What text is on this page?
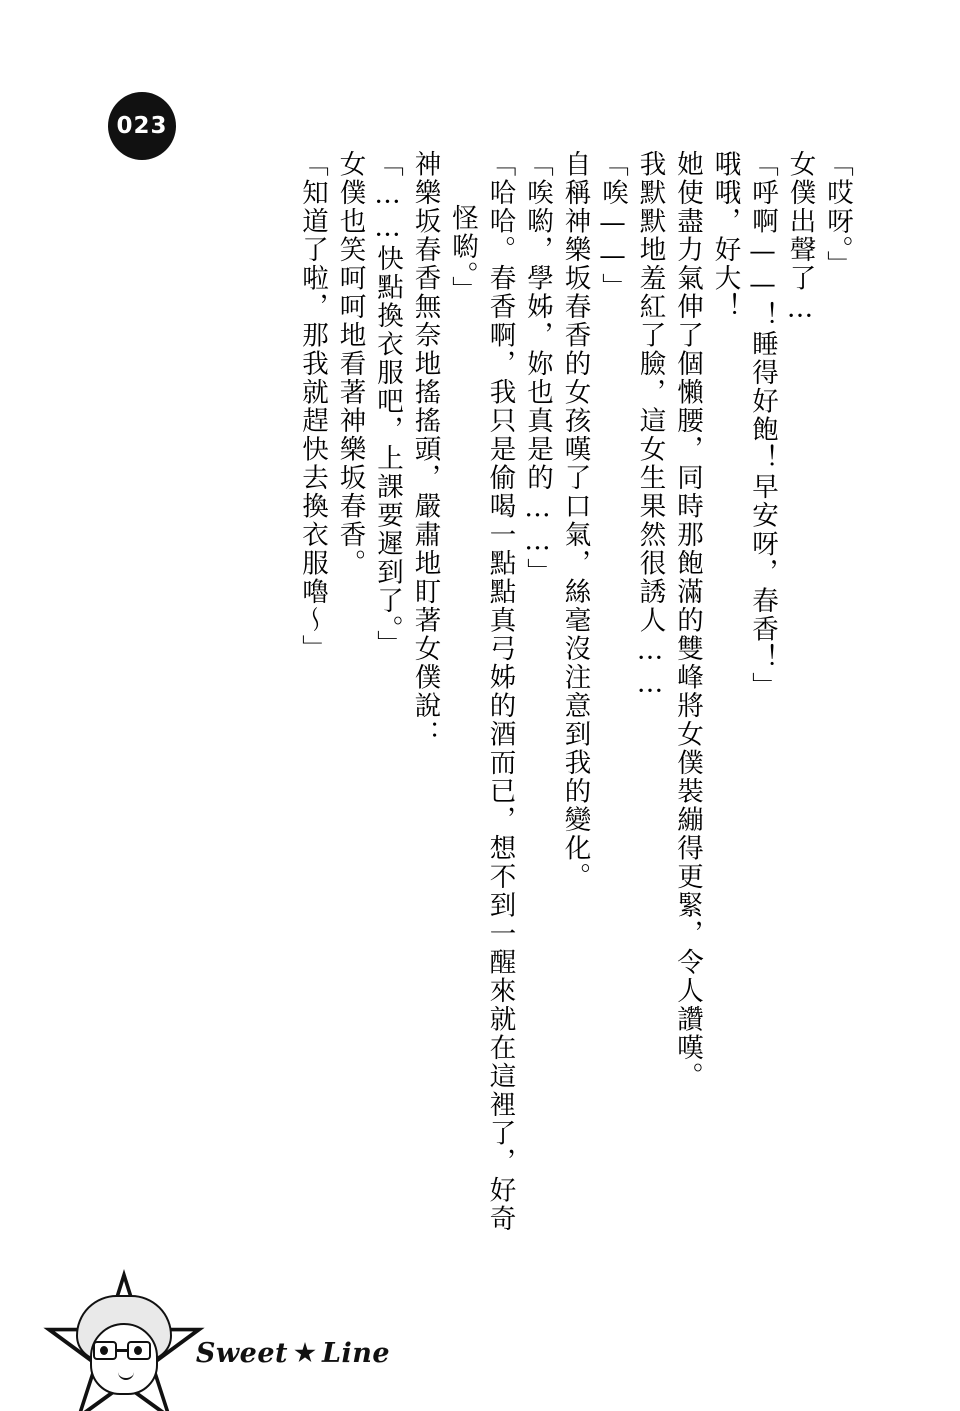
023
「哎呀。」
女僕出聲了…
「呼啊——！睡得好飽！早安呀，春香！」
哦哦，好大！
她使盡力氣伸了個懶腰，同時那飽滿的雙峰將女僕裝繃得更緊，令人讚嘆。
我默默地羞紅了臉，這女生果然很誘人……
「唉——」
自稱神樂坂春香的女孩嘆了口氣，絲毫沒注意到我的變化。
「唉喲，學姊，妳也真是的……」
「哈哈。春香啊，我只是偷喝一點點真弓姊的酒而已，想不到一醒來就在這裡了，好奇
怪喲。」
神樂坂春香無奈地搖搖頭，嚴肅地盯著女僕說：
「……快點換衣服吧，上課要遲到了。」
女僕也笑呵呵地看著神樂坂春香。
「知道了啦，那我就趕快去換衣服嚕～」
Sweet Line
